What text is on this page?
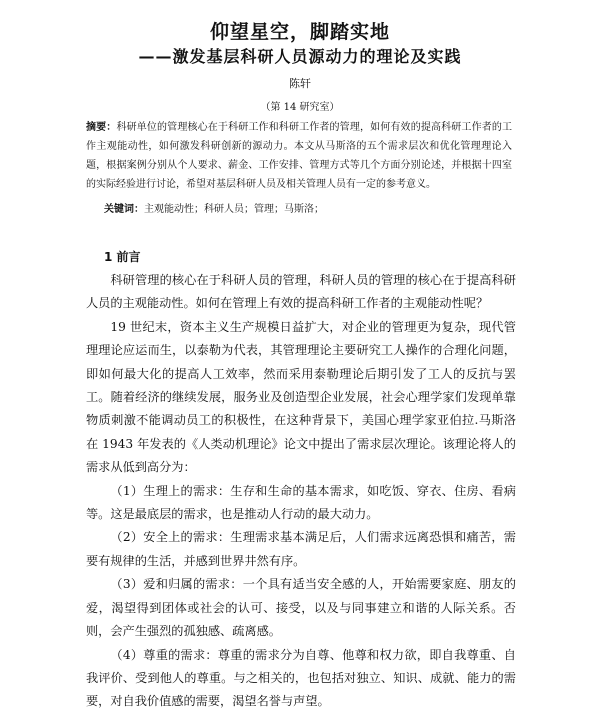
仰望星空，脚踏实地
——激发基层科研人员源动力的理论及实践
陈轩
（第 14 研究室）
摘要：科研单位的管理核心在于科研工作和科研工作者的管理，如何有效的提高科研工作者的工作主观能动性，如何激发科研创新的源动力。本文从马斯洛的五个需求层次和优化管理理论入题，根据案例分别从个人要求、薪金、工作安排、管理方式等几个方面分别论述，并根据十四室的实际经验进行讨论，希望对基层科研人员及相关管理人员有一定的参考意义。
关键词：主观能动性；科研人员；管理；马斯洛；
1 前言

科研管理的核心在于科研人员的管理，科研人员的管理的核心在于提高科研人员的主观能动性。如何在管理上有效的提高科研工作者的主观能动性呢？

19 世纪末，资本主义生产规模日益扩大，对企业的管理更为复杂，现代管理理论应运而生，以泰勒为代表，其管理理论主要研究工人操作的合理化问题，即如何最大化的提高人工效率，然而采用泰勒理论后期引发了工人的反抗与罢工。随着经济的继续发展，服务业及创造型企业发展，社会心理学家们发现单靠物质刺激不能调动员工的积极性，在这种背景下，美国心理学家亚伯拉.马斯洛在 1943 年发表的《人类动机理论》论文中提出了需求层次理论。该理论将人的需求从低到高分为：

（1）生理上的需求：生存和生命的基本需求，如吃饭、穿衣、住房、看病等。这是最底层的需求，也是推动人行动的最大动力。

（2）安全上的需求：生理需求基本满足后，人们需求远离恐惧和痛苦，需要有规律的生活，并感到世界井然有序。

（3）爱和归属的需求：一个具有适当安全感的人，开始需要家庭、朋友的爱，渴望得到团体或社会的认可、接受，以及与同事建立和谐的人际关系。否则，会产生强烈的孤独感、疏离感。

（4）尊重的需求：尊重的需求分为自尊、他尊和权力欲，即自我尊重、自我评价、受到他人的尊重。与之相关的，也包括对独立、知识、成就、能力的需要，对自我价值感的需要，渴望名誉与声望。
